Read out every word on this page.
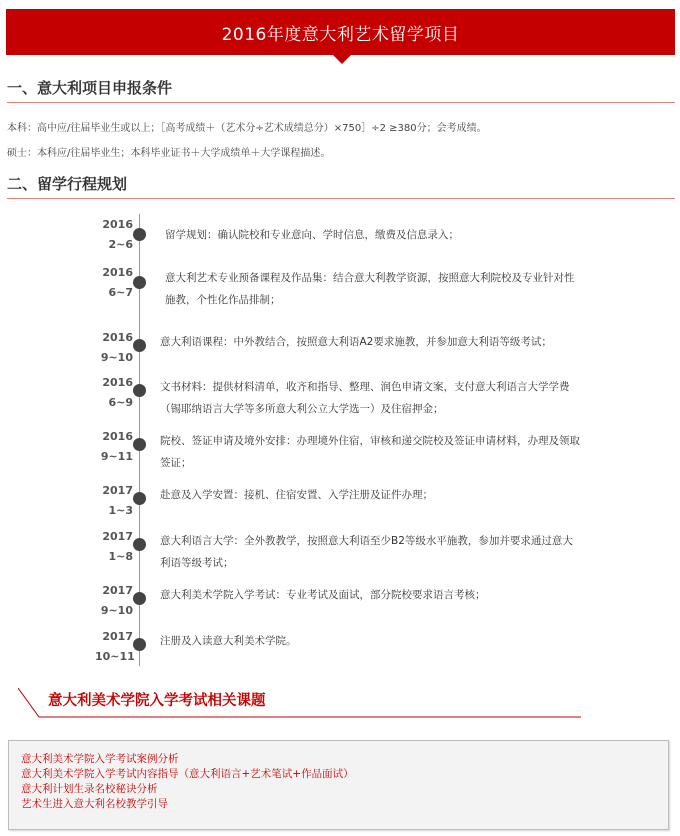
2016年度意大利艺术留学项目
一、意大利项目申报条件
本科：高中应/往届毕业生或以上；［高考成绩＋（艺术分÷艺术成绩总分）×750］÷2 ≥380分；会考成绩。
硕士：本科应/往届毕业生；本科毕业证书＋大学成绩单＋大学课程描述。
二、留学行程规划
2016
2~6
留学规划：确认院校和专业意向、学时信息，缴费及信息录入；
2016
6~7
意大利艺术专业预备课程及作品集：结合意大利教学资源，按照意大利院校及专业针对性
施教，个性化作品排制；
2016
9~10
意大利语课程：中外教结合，按照意大利语A2要求施教，并参加意大利语等级考试；
2016
6~9
文书材料：提供材料清单，收齐和指导、整理、润色申请文案，支付意大利语言大学学费
（锡耶纳语言大学等多所意大利公立大学选一）及住宿押金；
2016
9~11
院校、签证申请及境外安排：办理境外住宿，审核和递交院校及签证申请材料，办理及领取
签证；
2017
1~3
赴意及入学安置：接机、住宿安置、入学注册及证件办理；
2017
1~8
意大利语言大学：全外教教学，按照意大利语至少B2等级水平施教，参加并要求通过意大
利语等级考试；
2017
9~10
意大利美术学院入学考试：专业考试及面试，部分院校要求语言考核；
2017
10~11
注册及入读意大利美术学院。
意大利美术学院入学考试相关课题
意大利美术学院入学考试案例分析
意大利美术学院入学考试内容指导（意大利语言+艺术笔试+作品面试）
意大利计划生录名校秘诀分析
艺术生进入意大利名校教学引导
